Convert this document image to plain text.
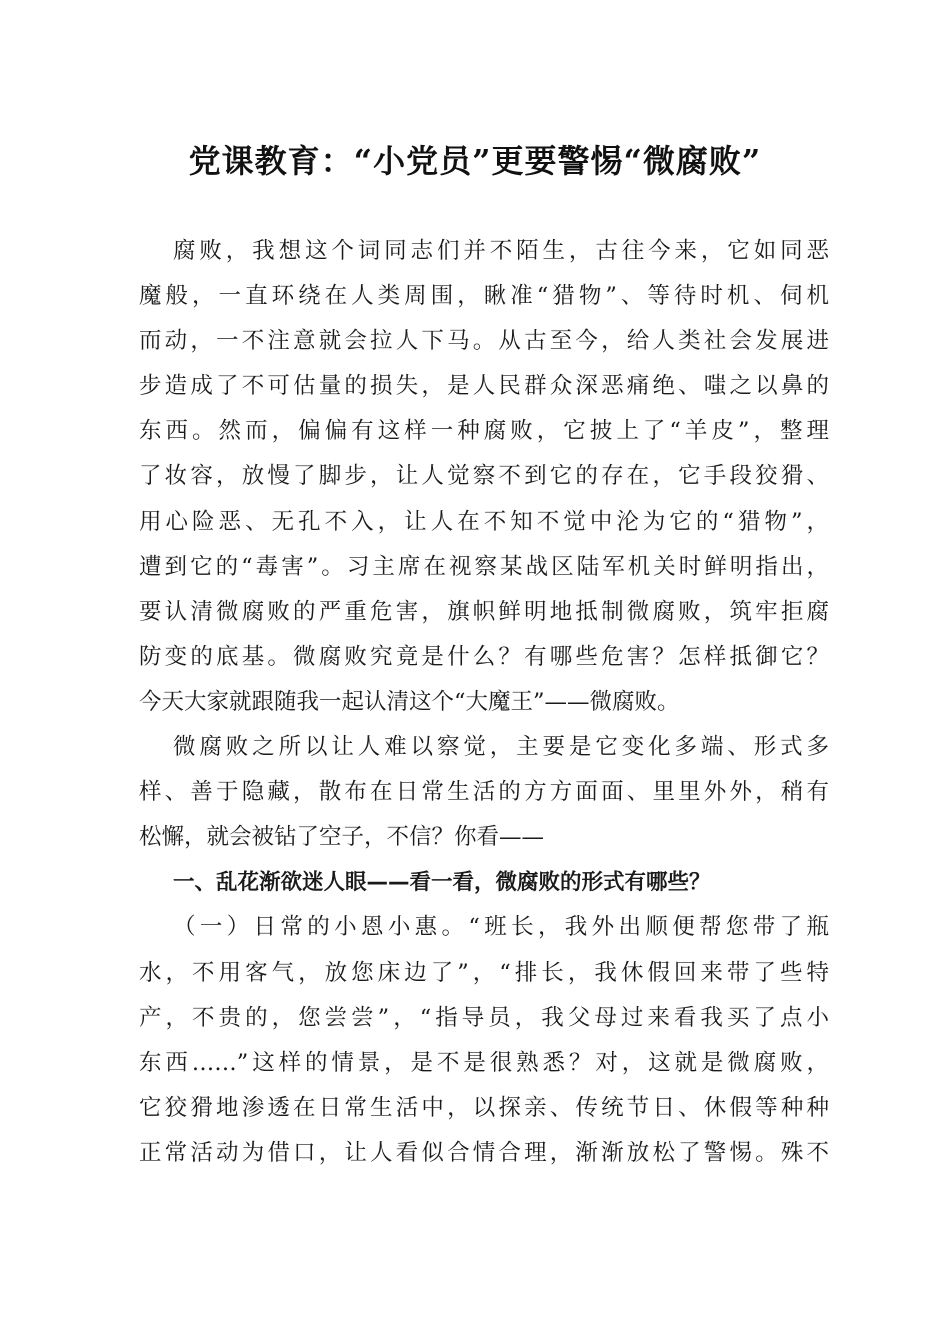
党课教育：“小党员”更要警惕“微腐败”
腐败，我想这个词同志们并不陌生，古往今来，它如同恶
魔般，一直环绕在人类周围，瞅准“猎物”、等待时机、伺机
而动，一不注意就会拉人下马。从古至今，给人类社会发展进
步造成了不可估量的损失，是人民群众深恶痛绝、嗤之以鼻的
东西。然而，偏偏有这样一种腐败，它披上了“羊皮”，整理
了妆容，放慢了脚步，让人觉察不到它的存在，它手段狡猾、
用心险恶、无孔不入，让人在不知不觉中沦为它的“猎物”，
遭到它的“毒害”。习主席在视察某战区陆军机关时鲜明指出，
要认清微腐败的严重危害，旗帜鲜明地抵制微腐败，筑牢拒腐
防变的底基。微腐败究竟是什么？有哪些危害？怎样抵御它？
今天大家就跟随我一起认清这个“大魔王”——微腐败。
微腐败之所以让人难以察觉，主要是它变化多端、形式多
样、善于隐藏，散布在日常生活的方方面面、里里外外，稍有
松懈，就会被钻了空子，不信？你看——
一、乱花渐欲迷人眼——看一看，微腐败的形式有哪些？
（一）日常的小恩小惠。“班长，我外出顺便帮您带了瓶
水，不用客气，放您床边了”，“排长，我休假回来带了些特
产，不贵的，您尝尝”，“指导员，我父母过来看我买了点小
东西……”这样的情景，是不是很熟悉？对，这就是微腐败，
它狡猾地渗透在日常生活中，以探亲、传统节日、休假等种种
正常活动为借口，让人看似合情合理，渐渐放松了警惕。殊不
